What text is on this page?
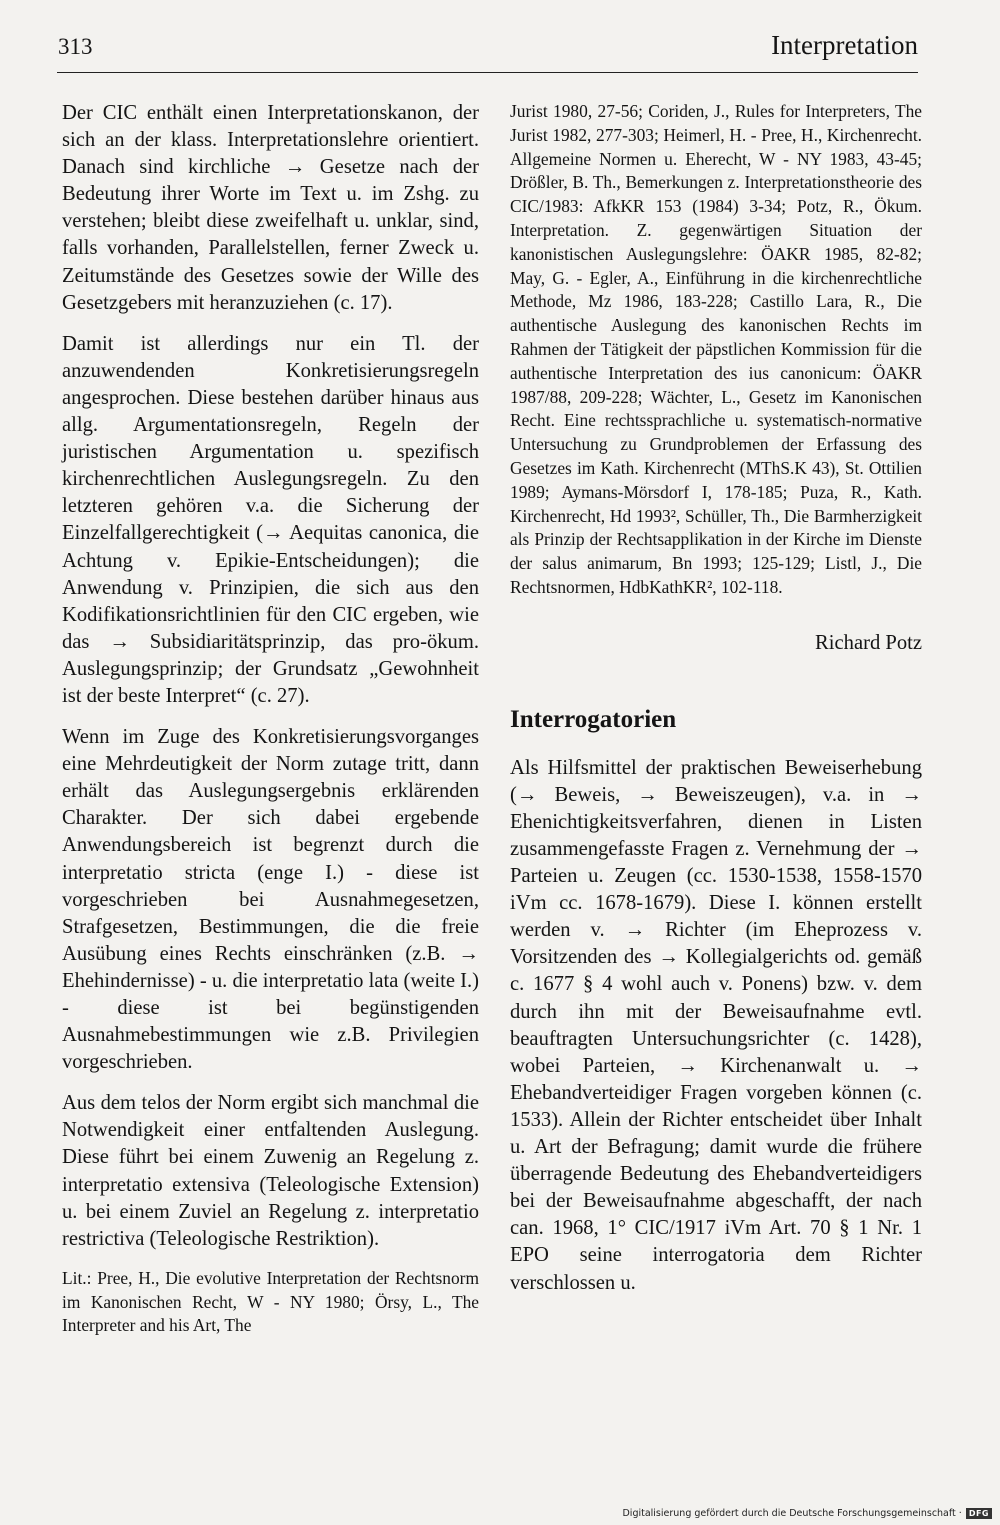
313	Interpretation

Der CIC enthält einen Interpretationskanon, der sich an der klass. Interpretationslehre orientiert. Danach sind kirchliche → Gesetze nach der Bedeutung ihrer Worte im Text u. im Zshg. zu verstehen; bleibt diese zweifelhaft u. unklar, sind, falls vorhanden, Parallelstellen, ferner Zweck u. Zeitumstände des Gesetzes sowie der Wille des Gesetzgebers mit heranzuziehen (c. 17).

Damit ist allerdings nur ein Tl. der anzuwendenden Konkretisierungsregeln angesprochen. Diese bestehen darüber hinaus aus allg. Argumentationsregeln, Regeln der juristischen Argumentation u. spezifisch kirchenrechtlichen Auslegungsregeln. Zu den letzteren gehören v.a. die Sicherung der Einzelfallgerechtigkeit (→ Aequitas canonica, die Achtung v. Epikie-Entscheidungen); die Anwendung v. Prinzipien, die sich aus den Kodifikationsrichtlinien für den CIC ergeben, wie das → Subsidiaritätsprinzip, das pro-ökum. Auslegungsprinzip; der Grundsatz „Gewohnheit ist der beste Interpret“ (c. 27).

Wenn im Zuge des Konkretisierungsvorganges eine Mehrdeutigkeit der Norm zutage tritt, dann erhält das Auslegungsergebnis erklärenden Charakter. Der sich dabei ergebende Anwendungsbereich ist begrenzt durch die interpretatio stricta (enge I.) - diese ist vorgeschrieben bei Ausnahmegesetzen, Strafgesetzen, Bestimmungen, die die freie Ausübung eines Rechts einschränken (z.B. → Ehehindernisse) - u. die interpretatio lata (weite I.) - diese ist bei begünstigenden Ausnahmebestimmungen wie z.B. Privilegien vorgeschrieben.

Aus dem telos der Norm ergibt sich manchmal die Notwendigkeit einer entfaltenden Auslegung. Diese führt bei einem Zuwenig an Regelung z. interpretatio extensiva (Teleologische Extension) u. bei einem Zuviel an Regelung z. interpretatio restrictiva (Teleologische Restriktion).

Lit.: Pree, H., Die evolutive Interpretation der Rechtsnorm im Kanonischen Recht, W - NY 1980; Örsy, L., The Interpreter and his Art, The

Jurist 1980, 27-56; Coriden, J., Rules for Interpreters, The Jurist 1982, 277-303; Heimerl, H. - Pree, H., Kirchenrecht. Allgemeine Normen u. Eherecht, W - NY 1983, 43-45; Drößler, B. Th., Bemerkungen z. Interpretationstheorie des CIC/1983: AfkKR 153 (1984) 3-34; Potz, R., Ökum. Interpretation. Z. gegenwärtigen Situation der kanonistischen Auslegungslehre: ÖAKR 1985, 82-82; May, G. - Egler, A., Einführung in die kirchenrechtliche Methode, Mz 1986, 183-228; Castillo Lara, R., Die authentische Auslegung des kanonischen Rechts im Rahmen der Tätigkeit der päpstlichen Kommission für die authentische Interpretation des ius canonicum: ÖAKR 1987/88, 209-228; Wächter, L., Gesetz im Kanonischen Recht. Eine rechtssprachliche u. systematisch-normative Untersuchung zu Grundproblemen der Erfassung des Gesetzes im Kath. Kirchenrecht (MThS.K 43), St. Ottilien 1989; Aymans-Mörsdorf I, 178-185; Puza, R., Kath. Kirchenrecht, Hd 1993², Schüller, Th., Die Barmherzigkeit als Prinzip der Rechtsapplikation in der Kirche im Dienste der salus animarum, Bn 1993; 125-129; Listl, J., Die Rechtsnormen, HdbKathKR², 102-118.

Richard Potz

Interrogatorien

Als Hilfsmittel der praktischen Beweiserhebung (→ Beweis, → Beweiszeugen), v.a. in → Ehenichtigkeitsverfahren, dienen in Listen zusammengefasste Fragen z. Vernehmung der → Parteien u. Zeugen (cc. 1530-1538, 1558-1570 iVm cc. 1678-1679). Diese I. können erstellt werden v. → Richter (im Eheprozess v. Vorsitzenden des → Kollegialgerichts od. gemäß c. 1677 § 4 wohl auch v. Ponens) bzw. v. dem durch ihn mit der Beweisaufnahme evtl. beauftragten Untersuchungsrichter (c. 1428), wobei Parteien, → Kirchenanwalt u. → Ehebandverteidiger Fragen vorgeben können (c. 1533). Allein der Richter entscheidet über Inhalt u. Art der Befragung; damit wurde die frühere überragende Bedeutung des Ehebandverteidigers bei der Beweisaufnahme abgeschafft, der nach can. 1968, 1° CIC/1917 iVm Art. 70 § 1 Nr. 1 EPO seine interrogatoria dem Richter verschlossen u.

Digitalisierung gefördert durch die Deutsche Forschungsgemeinschaft · DFG
